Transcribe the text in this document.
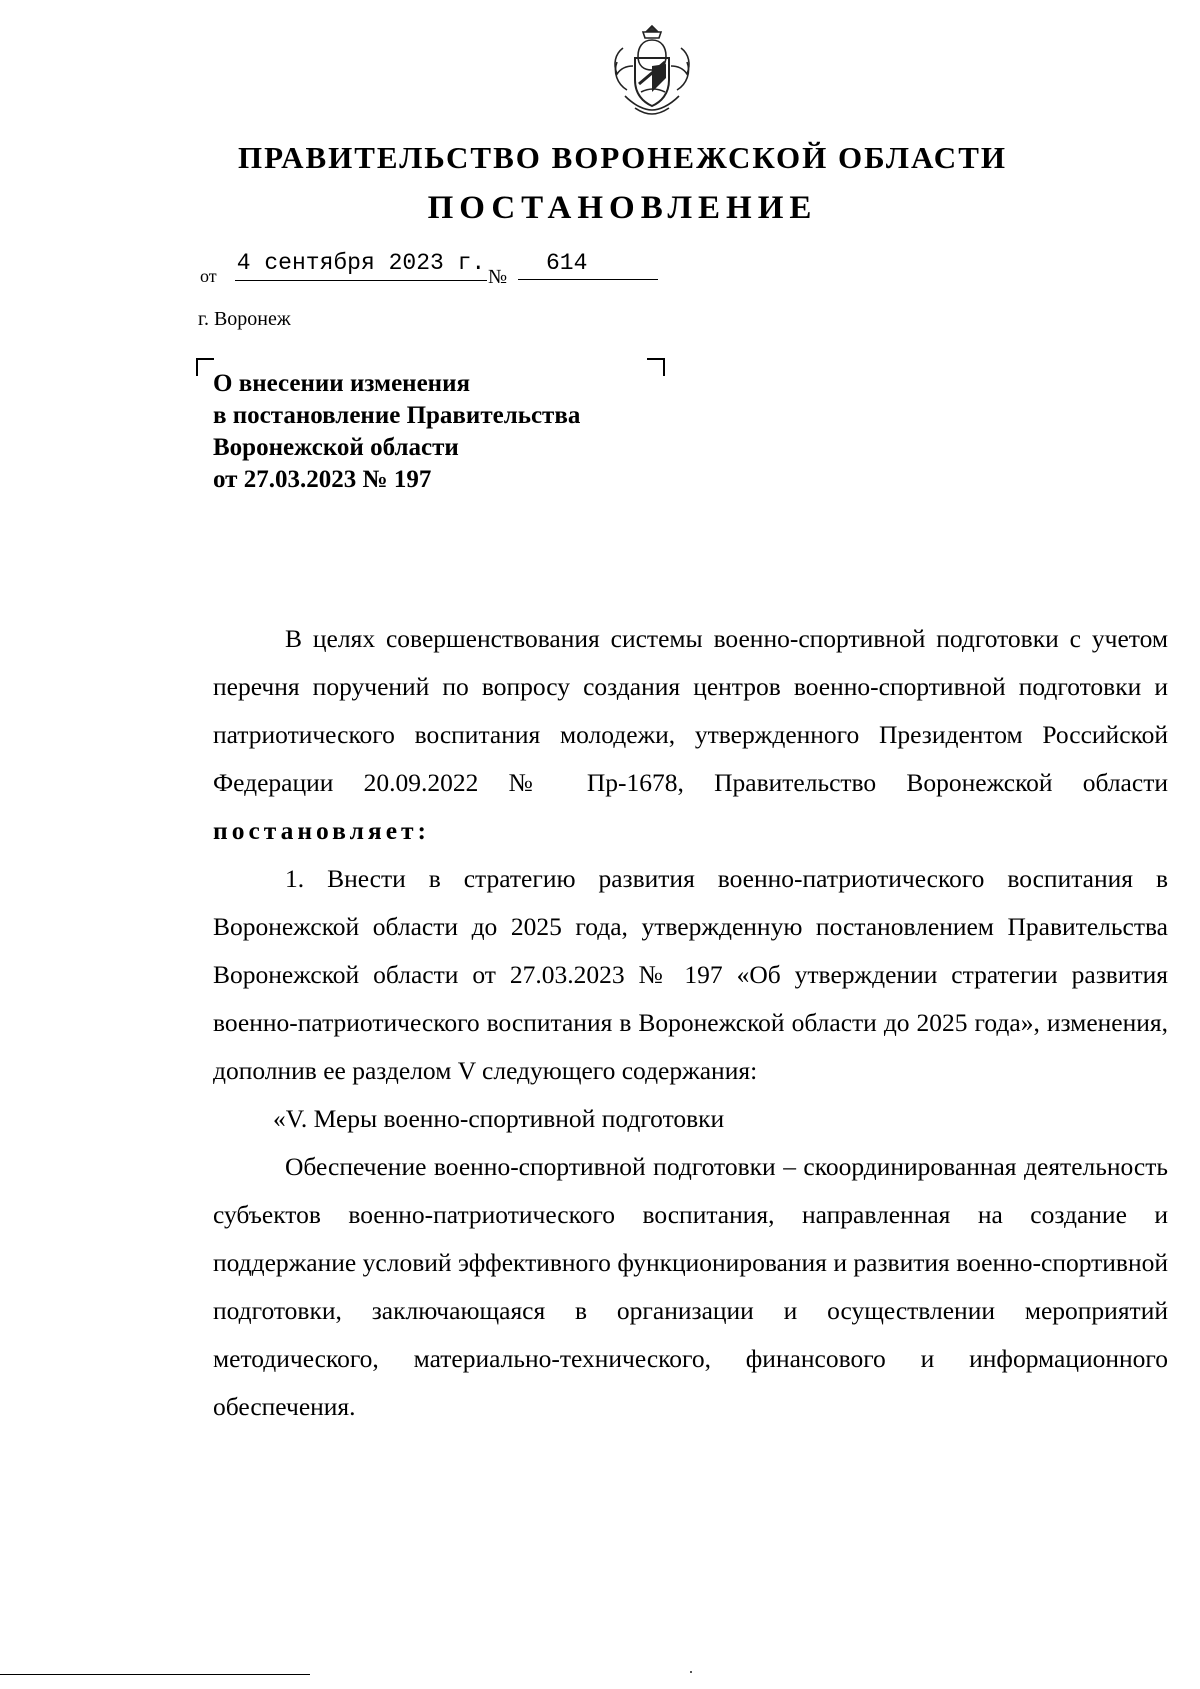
ПРАВИТЕЛЬСТВО ВОРОНЕЖСКОЙ ОБЛАСТИ
ПОСТАНОВЛЕНИЕ
от 4 сентября 2023 г.
№
614
г. Воронеж
О внесении изменения
в постановление Правительства
Воронежской области
от 27.03.2023 № 197

В целях совершенствования системы военно-спортивной подготовки с учетом перечня поручений по вопросу создания центров военно-спортивной подготовки и патриотического воспитания молодежи, утвержденного Президентом Российской Федерации 20.09.2022 № Пр-1678, Правительство Воронежской области постановляет:

1. Внести в стратегию развития военно-патриотического воспитания в Воронежской области до 2025 года, утвержденную постановлением Правительства Воронежской области от 27.03.2023 № 197 «Об утверждении стратегии развития военно-патриотического воспитания в Воронежской области до 2025 года», изменения, дополнив ее разделом V следующего содержания:

«V. Меры военно-спортивной подготовки

Обеспечение военно-спортивной подготовки – скоординированная деятельность субъектов военно-патриотического воспитания, направленная на создание и поддержание условий эффективного функционирования и развития военно-спортивной подготовки, заключающаяся в организации и осуществлении мероприятий методического, материально-технического, финансового и информационного обеспечения.
